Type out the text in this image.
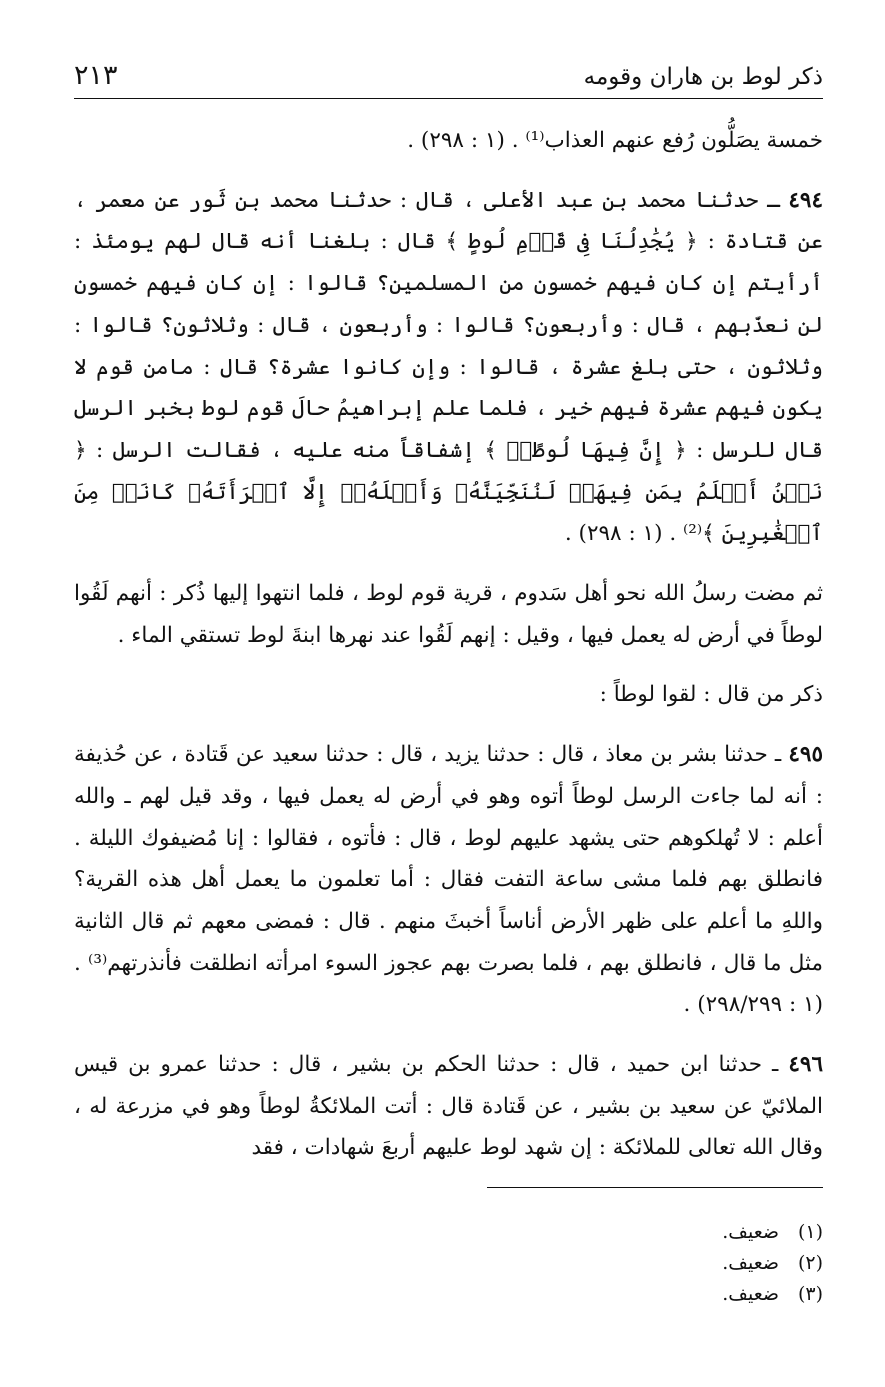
ذكر لوط بن هاران وقومه
٢١٣

خمسة يصَلُّون رُفع عنهم العذاب⁽¹⁾ . (١ : ٢٩٨) .

٤٩٤ ـ حدثنا محمد بن عبد الأعلى ، قال : حدثنا محمد بن ثَور عن معمر ، عن قتادة : ﴿ يُجَٰدِلُنَا فِى قَوۡمِ لُوطٍ ﴾ قال : بلغنا أنه قال لهم يومئذ : أرأيتم إن كان فيهم خمسون من المسلمين؟ قالوا : إن كان فيهم خمسون لن نعذّبهم ، قال : وأربعون؟ قالوا : وأربعون ، قال : وثلاثون؟ قالوا : وثلاثون ، حتى بلغ عشرة ، قالوا : وإن كانوا عشرة؟ قال : مامن قوم لا يكون فيهم عشرة فيهم خير ، فلما علم إبراهيمُ حالَ قوم لوط بخبر الرسل قال للرسل : ﴿ إِنَّ فِيهَا لُوطًاۚ ﴾ إشفاقاً منه عليه ، فقالت الرسل : ﴿ نَحۡنُ أَعۡلَمُ بِمَن فِيهَاۖ لَنُنَجِّيَنَّهُۥ وَأَهۡلَهُۥٓ إِلَّا ٱمۡرَأَتَهُۥ كَانَتۡ مِنَ ٱلۡغَٰبِرِينَ ﴾⁽²⁾ . (١ : ٢٩٨) .

ثم مضت رسلُ الله نحو أهل سَدوم ، قرية قوم لوط ، فلما انتهوا إليها ذُكر : أنهم لَقُوا لوطاً في أرض له يعمل فيها ، وقيل : إنهم لَقُوا عند نهرها ابنةَ لوط تستقي الماء .

ذكر من قال : لقوا لوطاً :

٤٩٥ ـ حدثنا بشر بن معاذ ، قال : حدثنا يزيد ، قال : حدثنا سعيد عن قَتادة ، عن حُذيفة : أنه لما جاءت الرسل لوطاً أتوه وهو في أرض له يعمل فيها ، وقد قيل لهم ـ والله أعلم : لا تُهلكوهم حتى يشهد عليهم لوط ، قال : فأتوه ، فقالوا : إنا مُضيفوك الليلة . فانطلق بهم فلما مشى ساعة التفت فقال : أما تعلمون ما يعمل أهل هذه القرية؟ واللهِ ما أعلم على ظهر الأرض أناساً أخبثَ منهم . قال : فمضى معهم ثم قال الثانية مثل ما قال ، فانطلق بهم ، فلما بصرت بهم عجوز السوء امرأته انطلقت فأنذرتهم⁽³⁾ . (١ : ٢٩٨/٢٩٩) .

٤٩٦ ـ حدثنا ابن حميد ، قال : حدثنا الحكم بن بشير ، قال : حدثنا عمرو بن قيس الملائيّ عن سعيد بن بشير ، عن قَتادة قال : أتت الملائكةُ لوطاً وهو في مزرعة له ، وقال الله تعالى للملائكة : إن شهد لوط عليهم أربعَ شهادات ، فقد

(١)ضعيف.
(٢)ضعيف.
(٣)ضعيف.
